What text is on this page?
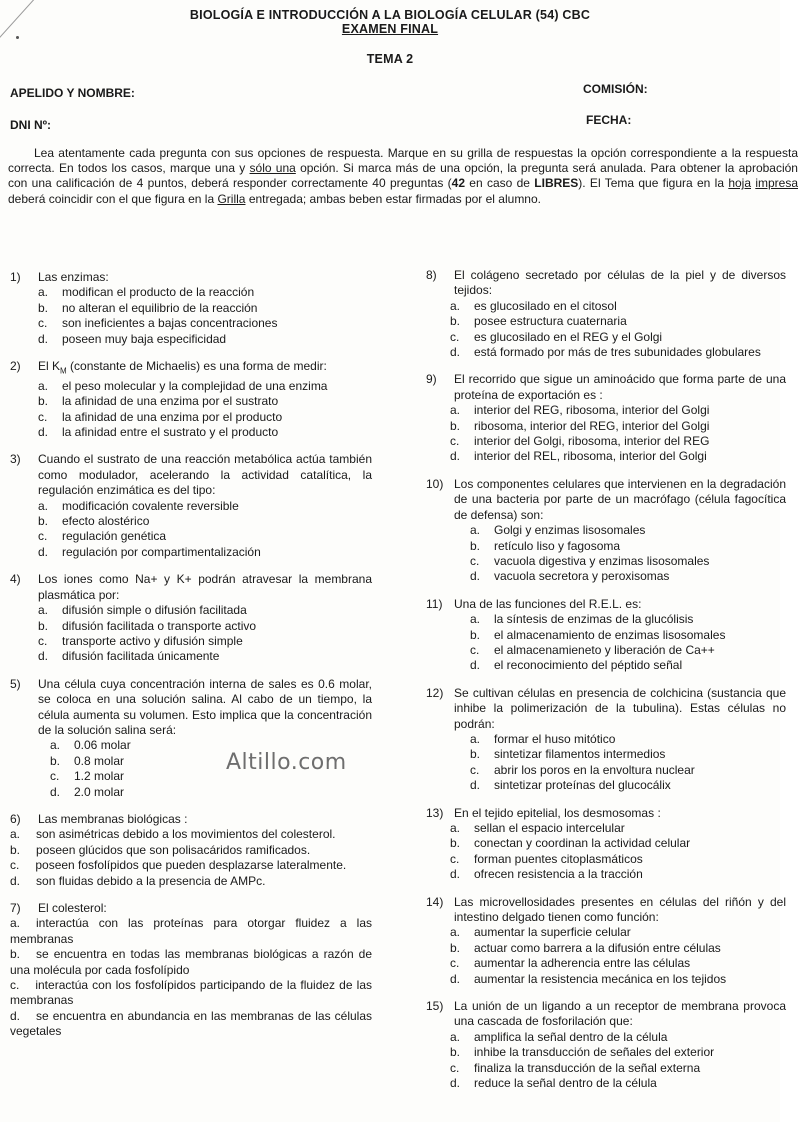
BIOLOGÍA E INTRODUCCIÓN A LA BIOLOGÍA CELULAR (54) CBC
EXAMEN FINAL
TEMA 2
APELIDO Y NOMBRE:	COMISIÓN:
DNI Nº:	FECHA:
Lea atentamente cada pregunta con sus opciones de respuesta. Marque en su grilla de respuestas la opción correspondiente a la respuesta correcta. En todos los casos, marque una y sólo una opción. Si marca más de una opción, la pregunta será anulada. Para obtener la aprobación con una calificación de 4 puntos, deberá responder correctamente 40 preguntas (42 en caso de LIBRES). El Tema que figura en la hoja impresa deberá coincidir con el que figura en la Grilla entregada; ambas beben estar firmadas por el alumno.
1)	Las enzimas:
a.	modifican el producto de la reacción
b.	no alteran el equilibrio de la reacción
c.	son ineficientes a bajas concentraciones
d.	poseen muy baja especificidad
2)	El $K_M$ (constante de Michaelis) es una forma de medir:
a.	el peso molecular y la complejidad de una enzima
b.	la afinidad de una enzima por el sustrato
c.	la afinidad de una enzima por el producto
d.	la afinidad entre el sustrato y el producto
3)	Cuando el sustrato de una reacción metabólica actúa también como modulador, acelerando la actividad catalítica, la regulación enzimática es del tipo:
a.	modificación covalente reversible
b.	efecto alostérico
c.	regulación genética
d.	regulación por compartimentalización
4)	Los iones como Na+ y K+ podrán atravesar la membrana plasmática por:
a.	difusión simple o difusión facilitada
b.	difusión facilitada o transporte activo
c.	transporte activo y difusión simple
d.	difusión facilitada únicamente
5)	Una célula cuya concentración interna de sales es 0.6 molar, se coloca en una solución salina. Al cabo de un tiempo, la célula aumenta su volumen. Esto implica que la concentración de la solución salina será:
a.	0.06 molar
b.	0.8 molar
c.	1.2 molar
d.	2.0 molar
6)	Las membranas biológicas :
a. son asimétricas debido a los movimientos del colesterol.
b. poseen glúcidos que son polisacáridos ramificados.
c. poseen fosfolípidos que pueden desplazarse lateralmente.
d. son fluidas debido a la presencia de AMPc.
7)	El colesterol:
a. interactúa con las proteínas para otorgar fluidez a las membranas
b. se encuentra en todas las membranas biológicas a razón de una molécula por cada fosfolípido
c. interactúa con los fosfolípidos participando de la fluidez de las membranas
d. se encuentra en abundancia en las membranas de las células vegetales
8)	El colágeno secretado por células de la piel y de diversos tejidos:
a.	es glucosilado en el citosol
b.	posee estructura cuaternaria
c.	es glucosilado en el REG y el Golgi
d.	está formado por más de tres subunidades globulares
9)	El recorrido que sigue un aminoácido que forma parte de una proteína de exportación es :
a.	interior del REG, ribosoma, interior del Golgi
b.	ribosoma, interior del REG, interior del Golgi
c.	interior del Golgi, ribosoma, interior del REG
d.	interior del REL, ribosoma, interior del Golgi
10) Los componentes celulares que intervienen en la degradación de una bacteria por parte de un macrófago (célula fagocítica de defensa) son:
a.	Golgi y enzimas lisosomales
b.	retículo liso y fagosoma
c.	vacuola digestiva y enzimas lisosomales
d.	vacuola secretora y peroxisomas
11) Una de las funciones del R.E.L. es:
a.	la síntesis de enzimas de la glucólisis
b.	el almacenamiento de enzimas lisosomales
c.	el almacenamieneto y liberación de Ca++
d.	el reconocimiento del péptido señal
12) Se cultivan células en presencia de colchicina (sustancia que inhibe la polimerización de la tubulina). Estas células no podrán:
a.	formar el huso mitótico
b.	sintetizar filamentos intermedios
c.	abrir los poros en la envoltura nuclear
d.	sintetizar proteínas del glucocálix
13) En el tejido epitelial, los desmosomas :
a.	sellan el espacio intercelular
b.	conectan y coordinan la actividad celular
c.	forman puentes citoplasmáticos
d.	ofrecen resistencia a la tracción
14) Las microvellosidades presentes en células del riñón y del intestino delgado tienen como función:
a.	aumentar la superficie celular
b.	actuar como barrera a la difusión entre células
c.	aumentar la adherencia entre las células
d.	aumentar la resistencia mecánica en los tejidos
15) La unión de un ligando a un receptor de membrana provoca una cascada de fosforilación que:
a.	amplifica la señal dentro de la célula
b.	inhibe la transducción de señales del exterior
c.	finaliza la transducción de la señal externa
d.	reduce la señal dentro de la célula
Altillo.com
